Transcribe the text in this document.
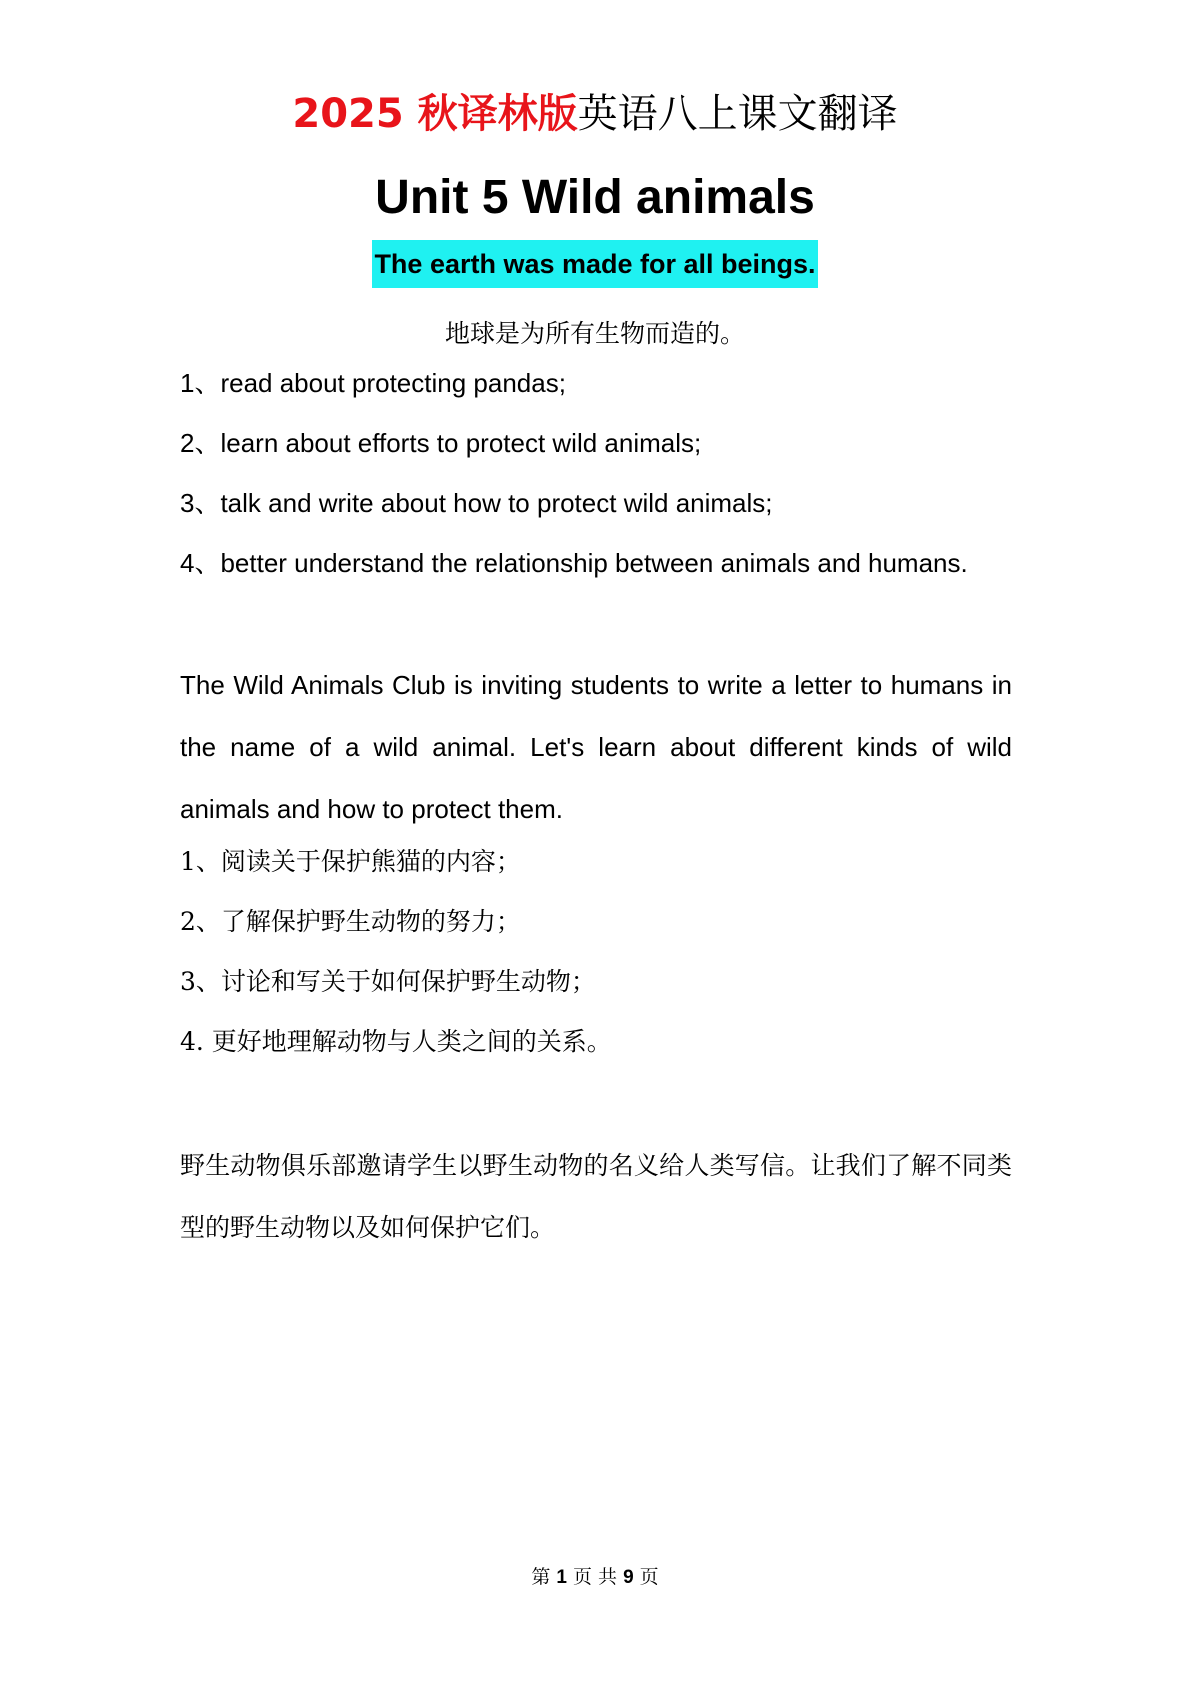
2025 秋译林版英语八上课文翻译
Unit 5 Wild animals
The earth was made for all beings.
地球是为所有生物而造的。
1、read about protecting pandas;
2、learn about efforts to protect wild animals;
3、talk and write about how to protect wild animals;
4、better understand the relationship between animals and humans.

The Wild Animals Club is inviting students to write a letter to humans in the name of a wild animal. Let's learn about different kinds of wild animals and how to protect them.

1、阅读关于保护熊猫的内容；
2、了解保护野生动物的努力；
3、讨论和写关于如何保护野生动物；
4. 更好地理解动物与人类之间的关系。

野生动物俱乐部邀请学生以野生动物的名义给人类写信。让我们了解不同类型的野生动物以及如何保护它们。

第 1 页 共 9 页
